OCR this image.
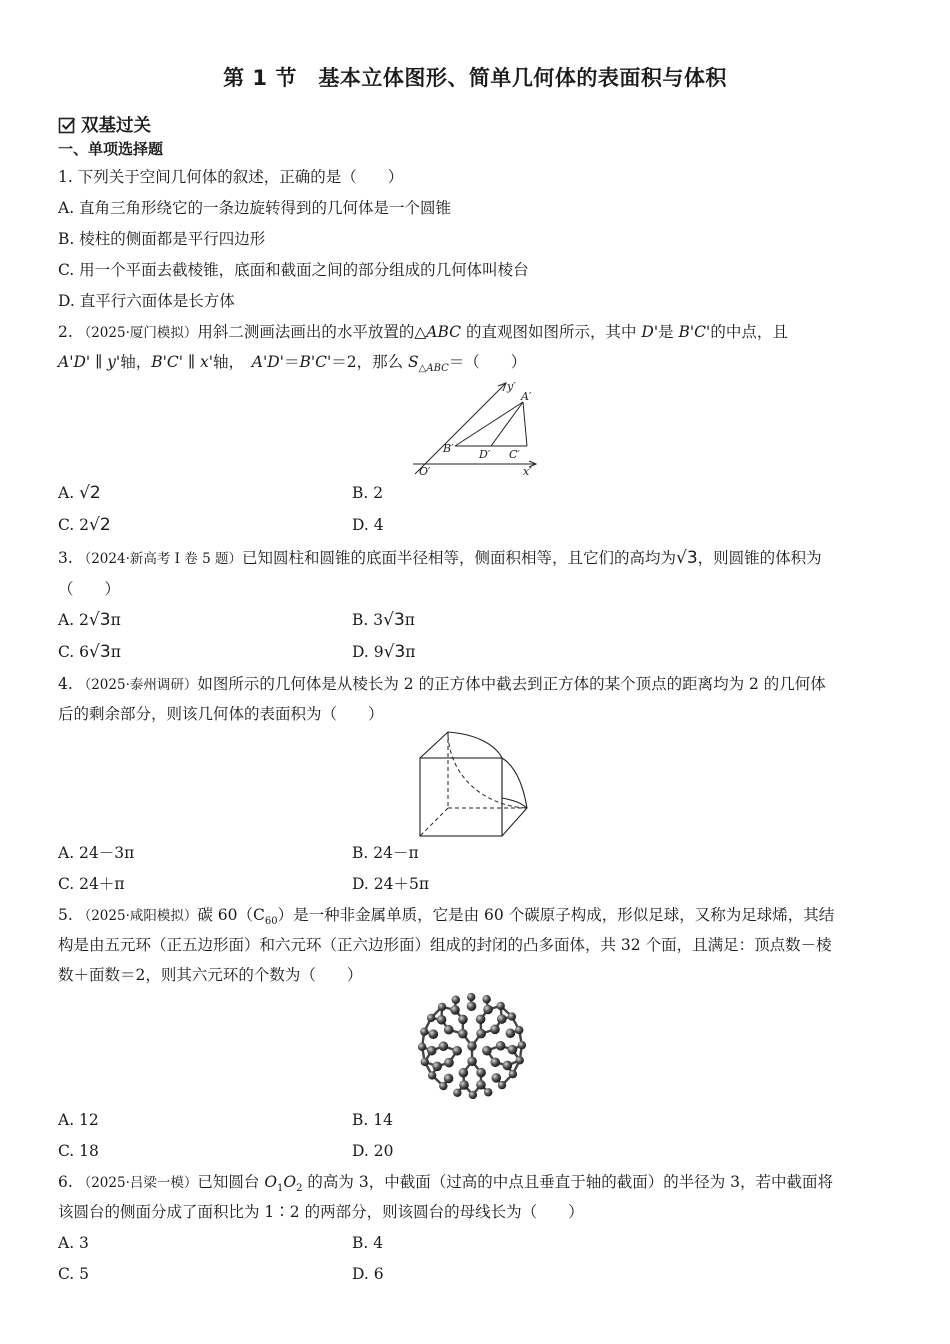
第 1 节　基本立体图形、简单几何体的表面积与体积
双基过关
一、单项选择题
1. 下列关于空间几何体的叙述，正确的是（　　）
A. 直角三角形绕它的一条边旋转得到的几何体是一个圆锥
B. 棱柱的侧面都是平行四边形
C. 用一个平面去截棱锥，底面和截面之间的部分组成的几何体叫棱台
D. 直平行六面体是长方体
2. （2025·厦门模拟）用斜二测画法画出的水平放置的△ABC 的直观图如图所示，其中 D'是 B'C'的中点，且
A'D' ∥ y'轴，B'C' ∥ x'轴，　A'D'＝B'C'＝2，那么 $S_{\triangle ABC}=$（　　）
y′
A′
B′ D′ C′
O′	x′
A. √2	B. 2
C. 2√2	D. 4
3. （2024·新高考 Ⅰ 卷 5 题）已知圆柱和圆锥的底面半径相等，侧面积相等，且它们的高均为√3，则圆锥的体积为
（　　）
A. 2√3π	B. 3√3π
C. 6√3π	D. 9√3π
4. （2025·泰州调研）如图所示的几何体是从棱长为 2 的正方体中截去到正方体的某个顶点的距离均为 2 的几何体
后的剩余部分，则该几何体的表面积为（　　）
A. 24－3π	B. 24－π
C. 24＋π	D. 24＋5π
5. （2025·咸阳模拟）碳 $60(C_{60})$是一种非金属单质，它是由 60 个碳原子构成，形似足球，又称为足球烯，其结
构是由五元环（正五边形面）和六元环（正六边形面）组成的封闭的凸多面体，共 32 个面，且满足：顶点数－棱
数＋面数＝2，则其六元环的个数为（　　）
A. 12	B. 14
C. 18	D. 20
6. （2025·吕梁一模）已知圆台 $O_1O_2$ 的高为 3，中截面（过高的中点且垂直于轴的截面）的半径为 3，若中截面将
该圆台的侧面分成了面积比为 1∶2 的两部分，则该圆台的母线长为（　　）
A. 3	B. 4
C. 5	D. 6
